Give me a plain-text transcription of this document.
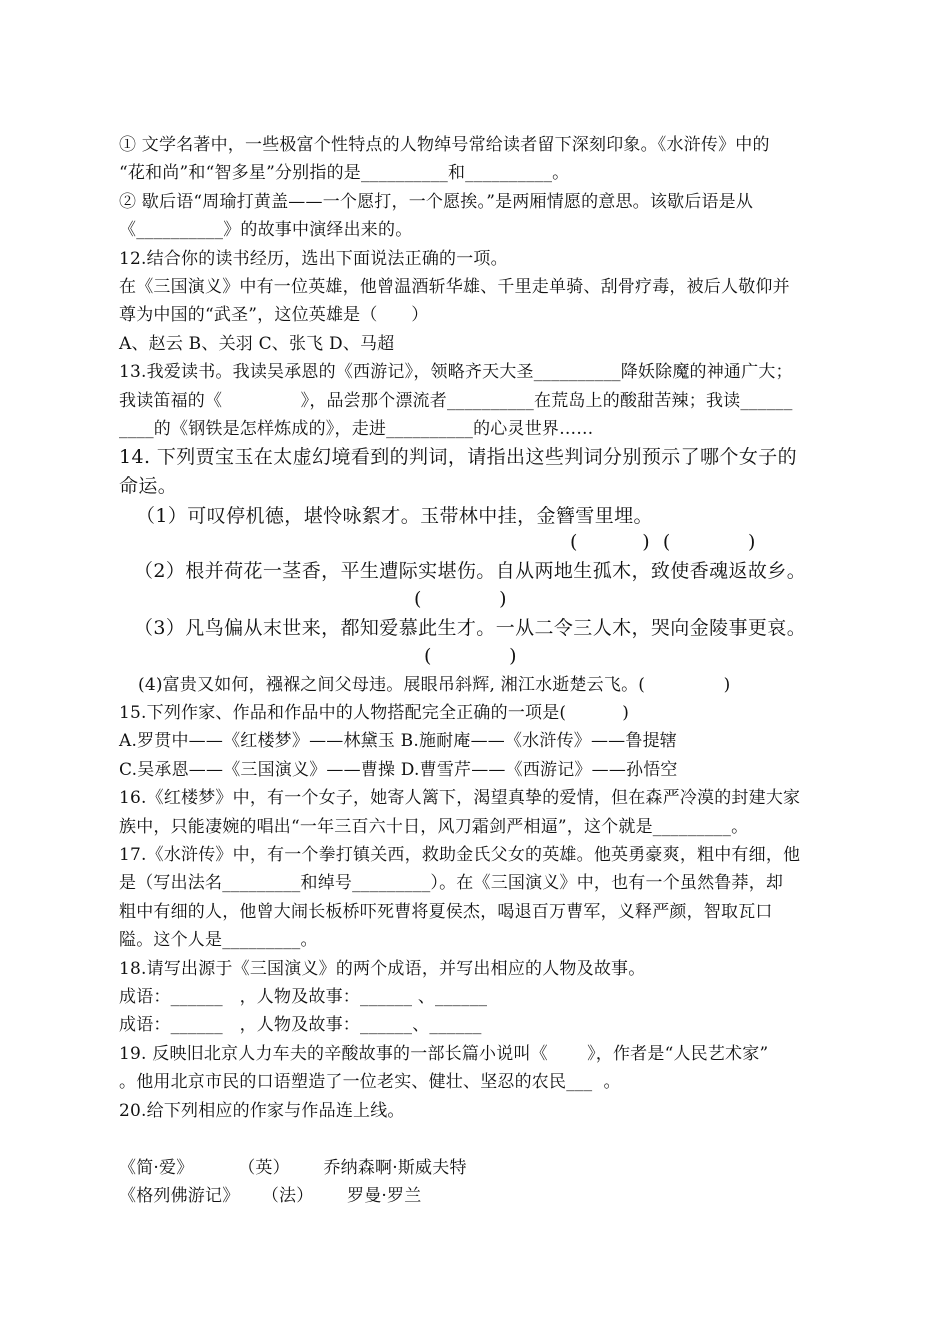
① 文学名著中，一些极富个性特点的人物绰号常给读者留下深刻印象。《水浒传》中的
“花和尚”和“智多星”分别指的是__________和__________。
② 歇后语“周瑜打黄盖——一个愿打，一个愿挨。”是两厢情愿的意思。该歇后语是从
《__________》的故事中演绎出来的。
12.结合你的读书经历，选出下面说法正确的一项。
在《三国演义》中有一位英雄，他曾温酒斩华雄、千里走单骑、刮骨疗毒，被后人敬仰并
尊为中国的“武圣”，这位英雄是（      ）
A、赵云 B、关羽 C、张飞 D、马超
13.我爱读书。我读吴承恩的《西游记》，领略齐天大圣__________降妖除魔的神通广大；
我读笛福的《              》，品尝那个漂流者__________在荒岛上的酸甜苦辣；我读______
____的《钢铁是怎样炼成的》，走进__________的心灵世界……
14. 下列贾宝玉在太虚幻境看到的判词，请指出这些判词分别预示了哪个女子的
命运。
（1）可叹停机德，堪怜咏絮才。玉带林中挂，金簪雪里埋。
(          )  (            )
（2）根并荷花一茎香，平生遭际实堪伤。自从两地生孤木，致使香魂返故乡。
(            )
（3）凡鸟偏从末世来，都知爱慕此生才。一从二令三人木，哭向金陵事更哀。
(            )
(4)富贵又如何，襁褓之间父母违。展眼吊斜辉, 湘江水逝楚云飞。(              )
15.下列作家、作品和作品中的人物搭配完全正确的一项是(          )
A.罗贯中——《红楼梦》——林黛玉 B.施耐庵——《水浒传》——鲁提辖
C.吴承恩——《三国演义》——曹操 D.曹雪芹——《西游记》——孙悟空
16.《红楼梦》中，有一个女子，她寄人篱下，渴望真挚的爱情，但在森严冷漠的封建大家
族中，只能凄婉的唱出“一年三百六十日，风刀霜剑严相逼”，这个就是_________。
17.《水浒传》中，有一个拳打镇关西，救助金氏父女的英雄。他英勇豪爽，粗中有细，他
是（写出法名_________和绰号_________）。在《三国演义》中，也有一个虽然鲁莽，却
粗中有细的人，他曾大闹长板桥吓死曹将夏侯杰，喝退百万曹军，义释严颜，智取瓦口
隘。这个人是_________。
18.请写出源于《三国演义》的两个成语，并写出相应的人物及故事。
成语：______   ，人物及故事：______ 、______
成语：______   ，人物及故事：______、______
19. 反映旧北京人力车夫的辛酸故事的一部长篇小说叫《       》，作者是“人民艺术家”
。他用北京市民的口语塑造了一位老实、健壮、坚忍的农民___  。
20.给下列相应的作家与作品连上线。
《简·爱》        （英）      乔纳森啊·斯威夫特
《格列佛游记》    （法）      罗曼·罗兰
